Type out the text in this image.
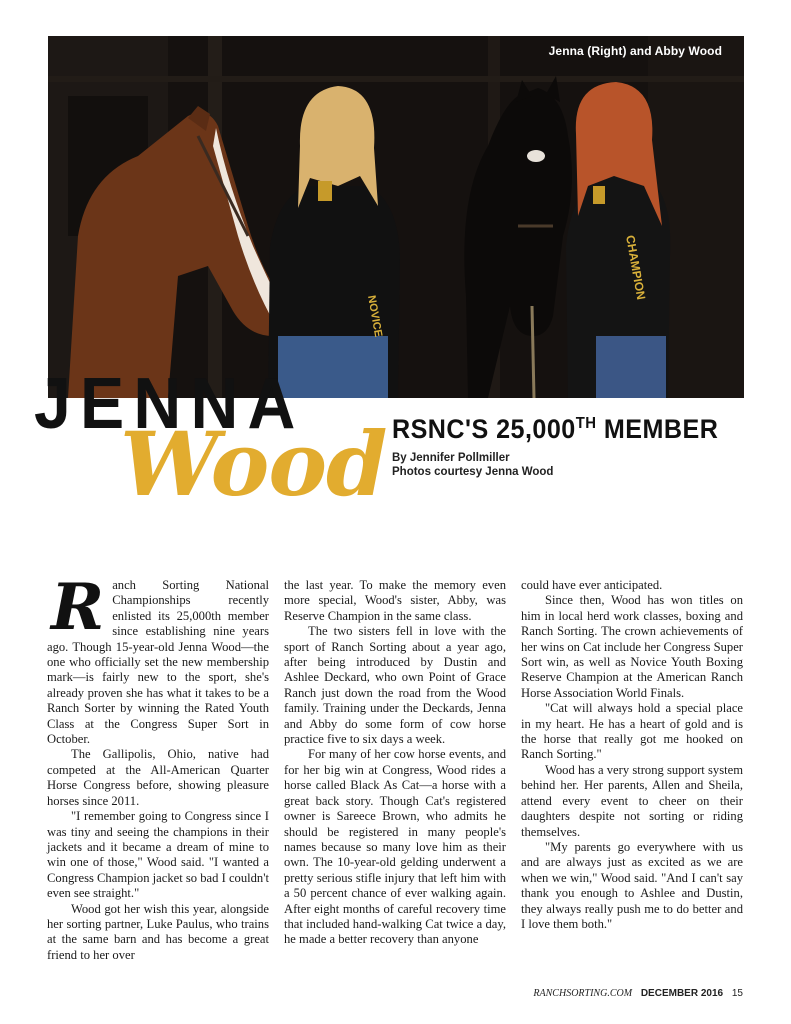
NOVICE
CHAMPION
Jenna (Right) and Abby Wood
JENNA
Wood RSNC'S 25,000TH MEMBER
By Jennifer Pollmiller
Photos courtesy Jenna Wood
R anch Sorting National Championships recently enlisted its 25,000th member since establishing nine years ago. Though 15-year-old Jenna Wood—the one who officially set the new membership mark—is fairly new to the sport, she's already proven she has what it takes to be a Ranch Sorter by winning the Rated Youth Class at the Congress Super Sort in October.

The Gallipolis, Ohio, native had competed at the All-American Quarter Horse Congress before, showing pleasure horses since 2011.

"I remember going to Congress since I was tiny and seeing the champions in their jackets and it became a dream of mine to win one of those," Wood said. "I wanted a Congress Champion jacket so bad I couldn't even see straight."

Wood got her wish this year, alongside her sorting partner, Luke Paulus, who trains at the same barn and has become a great friend to her over

the last year. To make the memory even more special, Wood's sister, Abby, was Reserve Champion in the same class.

The two sisters fell in love with the sport of Ranch Sorting about a year ago, after being introduced by Dustin and Ashlee Deckard, who own Point of Grace Ranch just down the road from the Wood family. Training under the Deckards, Jenna and Abby do some form of cow horse practice five to six days a week.

For many of her cow horse events, and for her big win at Congress, Wood rides a horse called Black As Cat—a horse with a great back story. Though Cat's registered owner is Sareece Brown, who admits he should be registered in many people's names because so many love him as their own. The 10-year-old gelding underwent a pretty serious stifle injury that left him with a 50 percent chance of ever walking again. After eight months of careful recovery time that included hand-walking Cat twice a day, he made a better recovery than anyone

could have ever anticipated.

Since then, Wood has won titles on him in local herd work classes, boxing and Ranch Sorting. The crown achievements of her wins on Cat include her Congress Super Sort win, as well as Novice Youth Boxing Reserve Champion at the American Ranch Horse Association World Finals.

"Cat will always hold a special place in my heart. He has a heart of gold and is the horse that really got me hooked on Ranch Sorting."

Wood has a very strong support system behind her. Her parents, Allen and Sheila, attend every event to cheer on their daughters despite not sorting or riding themselves.

"My parents go everywhere with us and are always just as excited as we are when we win," Wood said. "And I can't say thank you enough to Ashlee and Dustin, they always really push me to do better and I love them both."

RANCHSORTING.COM DECEMBER 2016 15
